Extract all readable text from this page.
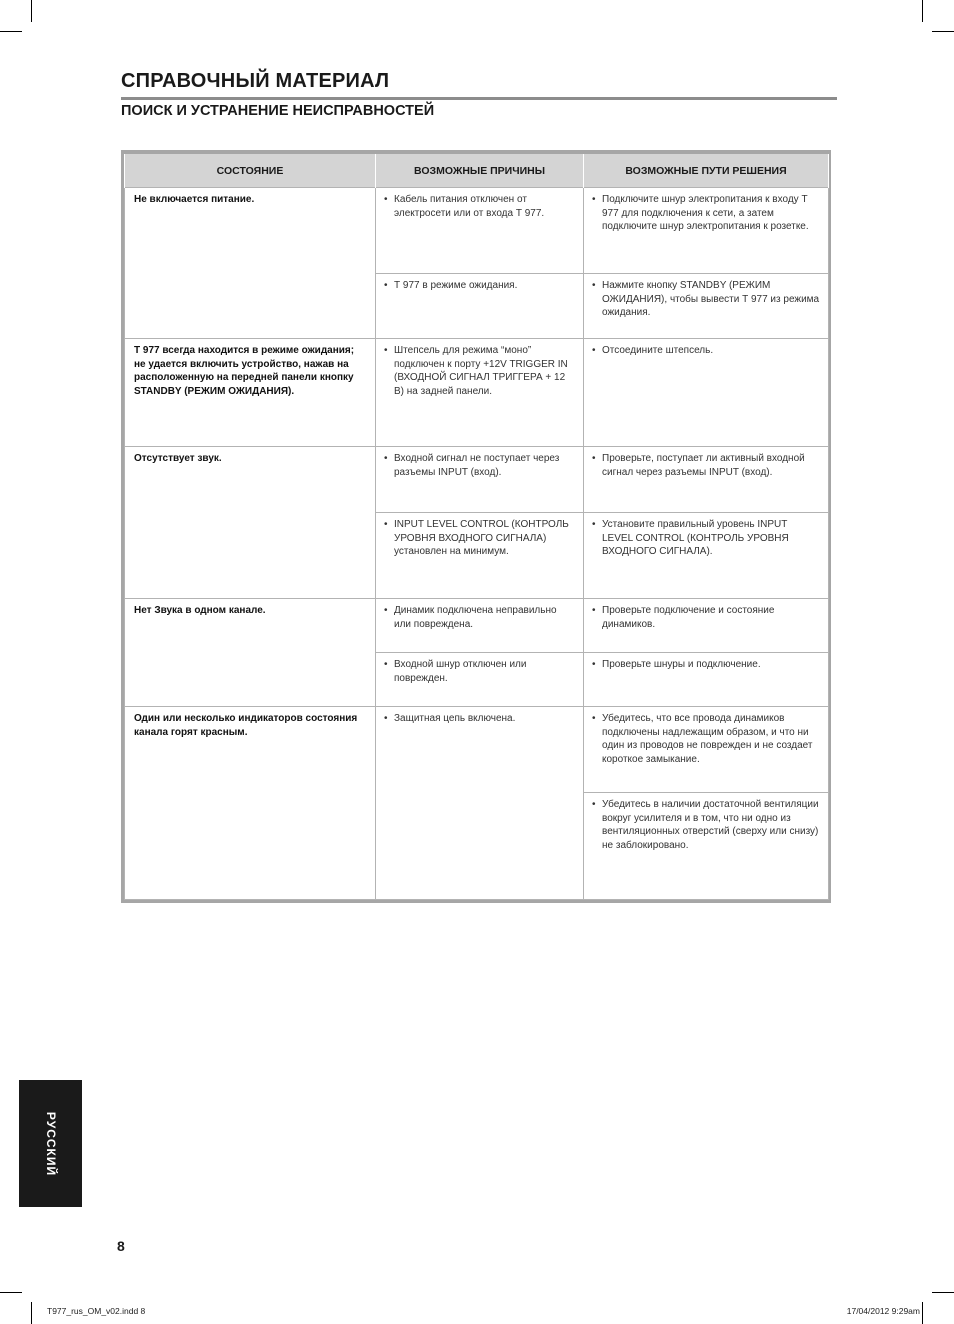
СПРАВОЧНЫЙ МАТЕРИАЛ
ПОИСК И УСТРАНЕНИЕ НЕИСПРАВНОСТЕЙ
СОСТОЯНИЕ	ВОЗМОЖНЫЕ ПРИЧИНЫ	ВОЗМОЖНЫЕ ПУТИ РЕШЕНИЯ
Не включается питание.	• Кабель питания отключен от электросети или от входа Т 977.	• Подключите шнур электропитания к входу Т 977 для подключения к сети, а затем подключите шнур электропитания к розетке.

	• Т 977 в режиме ожидания.	• Нажмите кнопку STANDBY (РЕЖИМ ОЖИДАНИЯ), чтобы вывести Т 977 из режима ожидания.

Т 977 всегда находится в режиме ожидания; не удается включить устройство, нажав на расположенную на передней панели кнопку STANDBY (РЕЖИМ ОЖИДАНИЯ).	• Штепсель для режима “моно” подключен к порту +12V TRIGGER IN (ВХОДНОЙ СИГНАЛ ТРИГГЕРА + 12 В) на задней панели.	• Отсоедините штепсель.

Отсутствует звук.	• Входной сигнал не поступает через разъемы INPUT (вход).	• Проверьте, поступает ли активный входной сигнал через разъемы INPUT (вход).

	• INPUT LEVEL CONTROL (КОНТРОЛЬ УРОВНЯ ВХОДНОГО СИГНАЛА) установлен на минимум.	• Установите правильный уровень INPUT LEVEL CONTROL (КОНТРОЛЬ УРОВНЯ ВХОДНОГО СИГНАЛА).

Нет Звука в одном канале.	• Динамик подключена неправильно или повреждена.	• Проверьте подключение и состояние динамиков.

	• Входной шнур отключен или поврежден.	• Проверьте шнуры и подключение.

Один или несколько индикаторов состояния канала горят красным.	• Защитная цепь включена.	• Убедитесь, что все провода динамиков подключены надлежащим образом, и что ни один из проводов не поврежден и не создает короткое замыкание.

		• Убедитесь в наличии достаточной вентиляции вокруг усилителя и в том, что ни одно из вентиляционных отверстий (сверху или снизу) не заблокировано.
РУССКИЙ
8
T977_rus_OM_v02.indd 8	17/04/2012 9:29am
